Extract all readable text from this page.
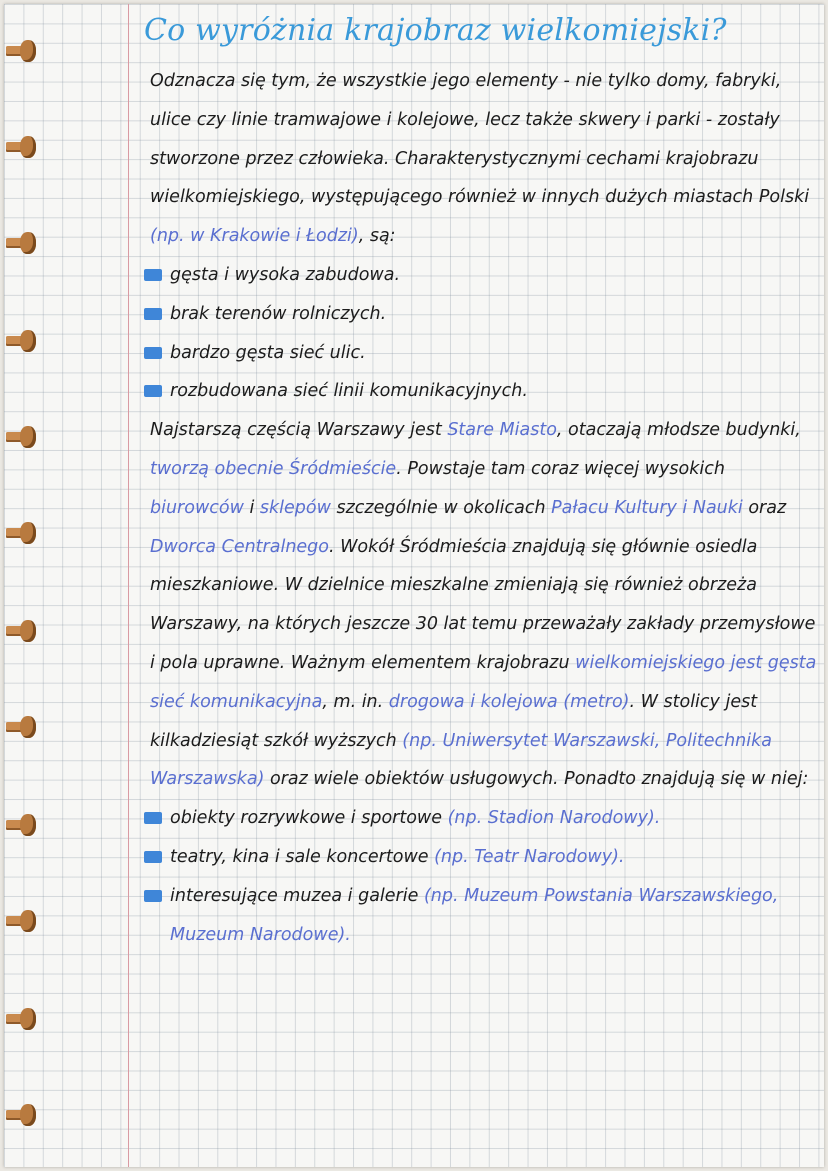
Co wyróżnia krajobraz wielkomiejski?

Odznacza się tym, że wszystkie jego elementy - nie tylko domy, fabryki, ulice czy linie tramwajowe i kolejowe, lecz także skwery i parki - zostały stworzone przez człowieka. Charakterystycznymi cechami krajobrazu wielkomiejskiego, występującego również w innych dużych miastach Polski (np. w Krakowie i Łodzi), są:

gęsta i wysoka zabudowa.
brak terenów rolniczych.
bardzo gęsta sieć ulic.
rozbudowana sieć linii komunikacyjnych.

Najstarszą częścią Warszawy jest Stare Miasto, otaczają młodsze budynki, tworzą obecnie Śródmieście. Powstaje tam coraz więcej wysokich biurowców i sklepów szczególnie w okolicach Pałacu Kultury i Nauki oraz Dworca Centralnego. Wokół Śródmieścia znajdują się głównie osiedla mieszkaniowe. W dzielnice mieszkalne zmieniają się również obrzeża Warszawy, na których jeszcze 30 lat temu przeważały zakłady przemysłowe i pola uprawne. Ważnym elementem krajobrazu wielkomiejskiego jest gęsta sieć komunikacyjna, m. in. drogowa i kolejowa (metro). W stolicy jest kilkadziesiąt szkół wyższych (np. Uniwersytet Warszawski, Politechnika Warszawska) oraz wiele obiektów usługowych. Ponadto znajdują się w niej:

obiekty rozrywkowe i sportowe (np. Stadion Narodowy).
teatry, kina i sale koncertowe (np. Teatr Narodowy).
interesujące muzea i galerie (np. Muzeum Powstania Warszawskiego, Muzeum Narodowe).
